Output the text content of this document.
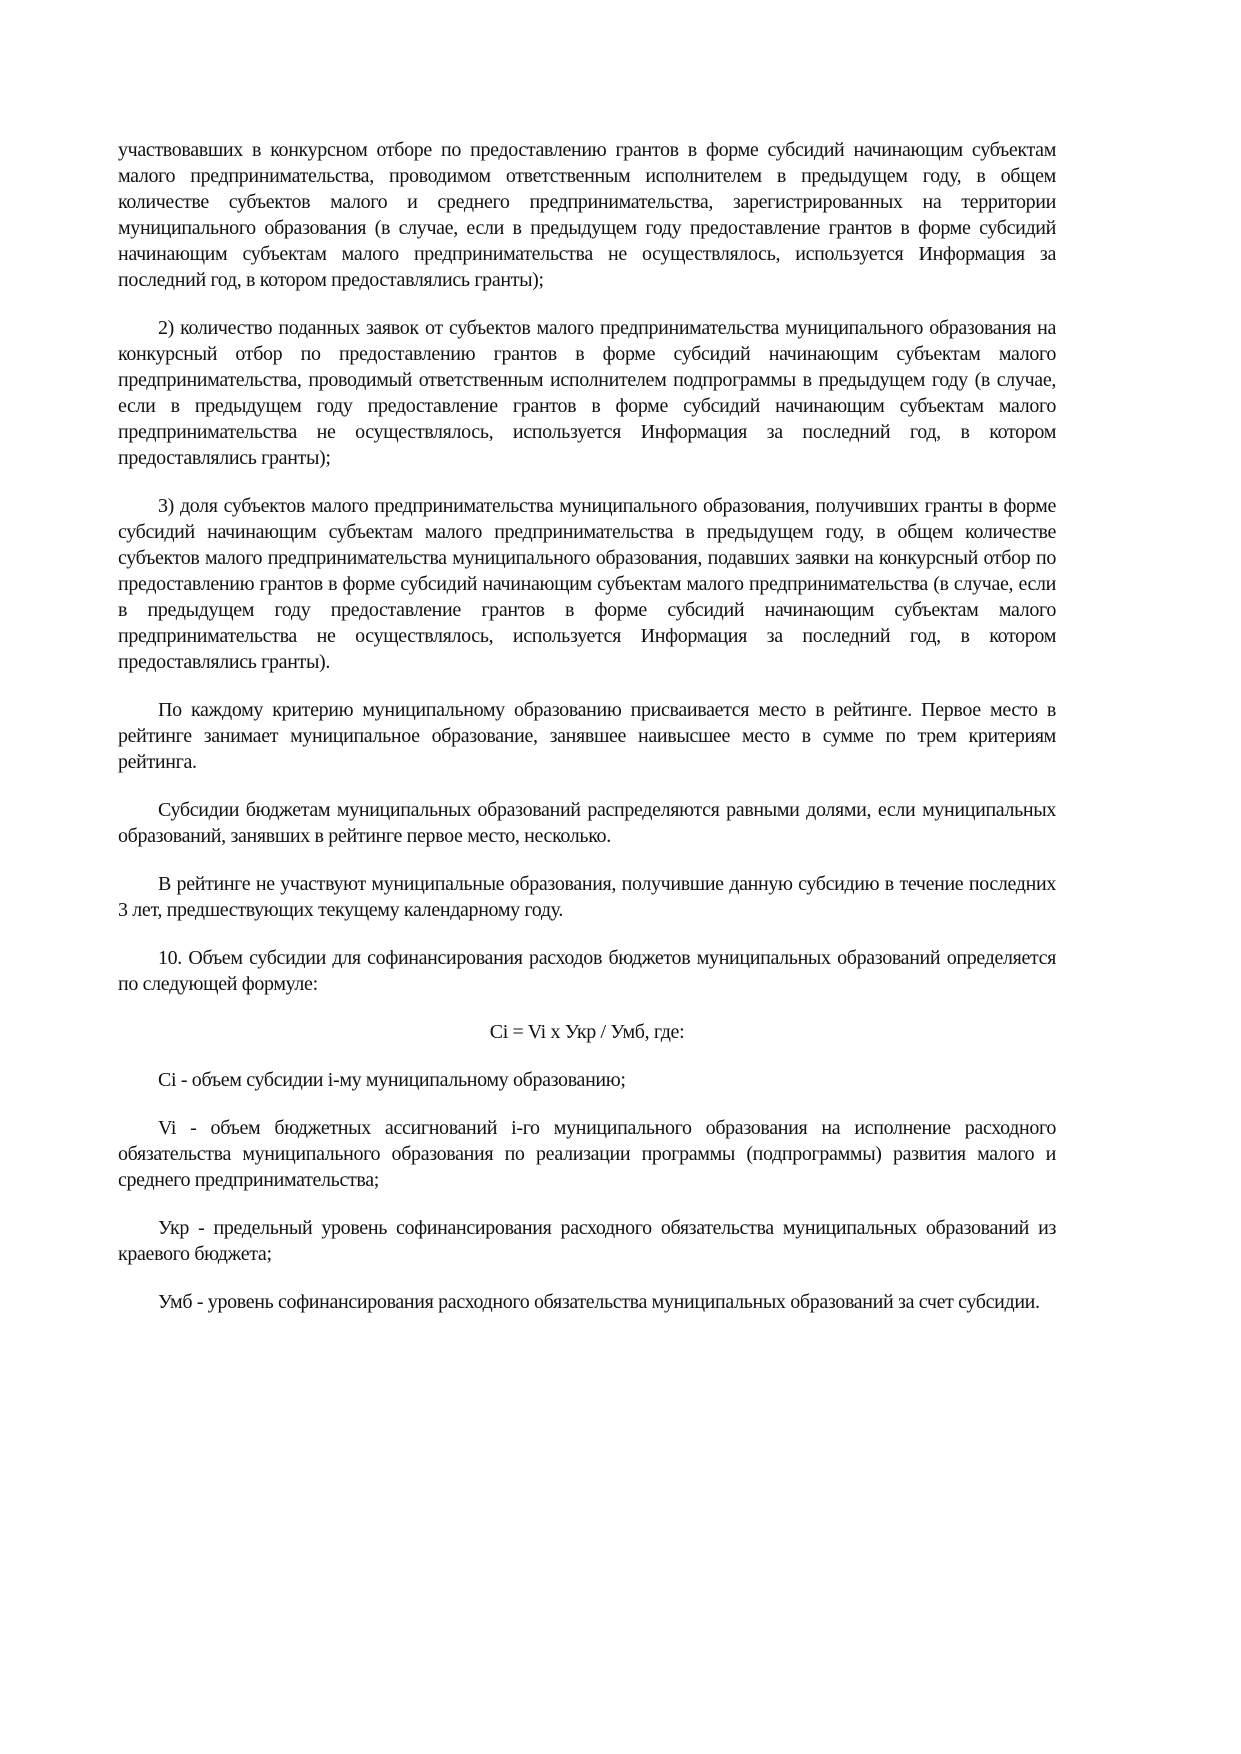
участвовавших в конкурсном отборе по предоставлению грантов в форме субсидий начинающим субъектам малого предпринимательства, проводимом ответственным исполнителем в предыдущем году, в общем количестве субъектов малого и среднего предпринимательства, зарегистрированных на территории муниципального образования (в случае, если в предыдущем году предоставление грантов в форме субсидий начинающим субъектам малого предпринимательства не осуществлялось, используется Информация за последний год, в котором предоставлялись гранты);

2) количество поданных заявок от субъектов малого предпринимательства муниципального образования на конкурсный отбор по предоставлению грантов в форме субсидий начинающим субъектам малого предпринимательства, проводимый ответственным исполнителем подпрограммы в предыдущем году (в случае, если в предыдущем году предоставление грантов в форме субсидий начинающим субъектам малого предпринимательства не осуществлялось, используется Информация за последний год, в котором предоставлялись гранты);

3) доля субъектов малого предпринимательства муниципального образования, получивших гранты в форме субсидий начинающим субъектам малого предпринимательства в предыдущем году, в общем количестве субъектов малого предпринимательства муниципального образования, подавших заявки на конкурсный отбор по предоставлению грантов в форме субсидий начинающим субъектам малого предпринимательства (в случае, если в предыдущем году предоставление грантов в форме субсидий начинающим субъектам малого предпринимательства не осуществлялось, используется Информация за последний год, в котором предоставлялись гранты).

По каждому критерию муниципальному образованию присваивается место в рейтинге. Первое место в рейтинге занимает муниципальное образование, занявшее наивысшее место в сумме по трем критериям рейтинга.

Субсидии бюджетам муниципальных образований распределяются равными долями, если муниципальных образований, занявших в рейтинге первое место, несколько.

В рейтинге не участвуют муниципальные образования, получившие данную субсидию в течение последних 3 лет, предшествующих текущему календарному году.

10. Объем субсидии для софинансирования расходов бюджетов муниципальных образований определяется по следующей формуле:

Ci = Vi x Укр / Умб, где:

Ci - объем субсидии i-му муниципальному образованию;

Vi - объем бюджетных ассигнований i-го муниципального образования на исполнение расходного обязательства муниципального образования по реализации программы (подпрограммы) развития малого и среднего предпринимательства;

Укр - предельный уровень софинансирования расходного обязательства муниципальных образований из краевого бюджета;

Умб - уровень софинансирования расходного обязательства муниципальных образований за счет субсидии.
